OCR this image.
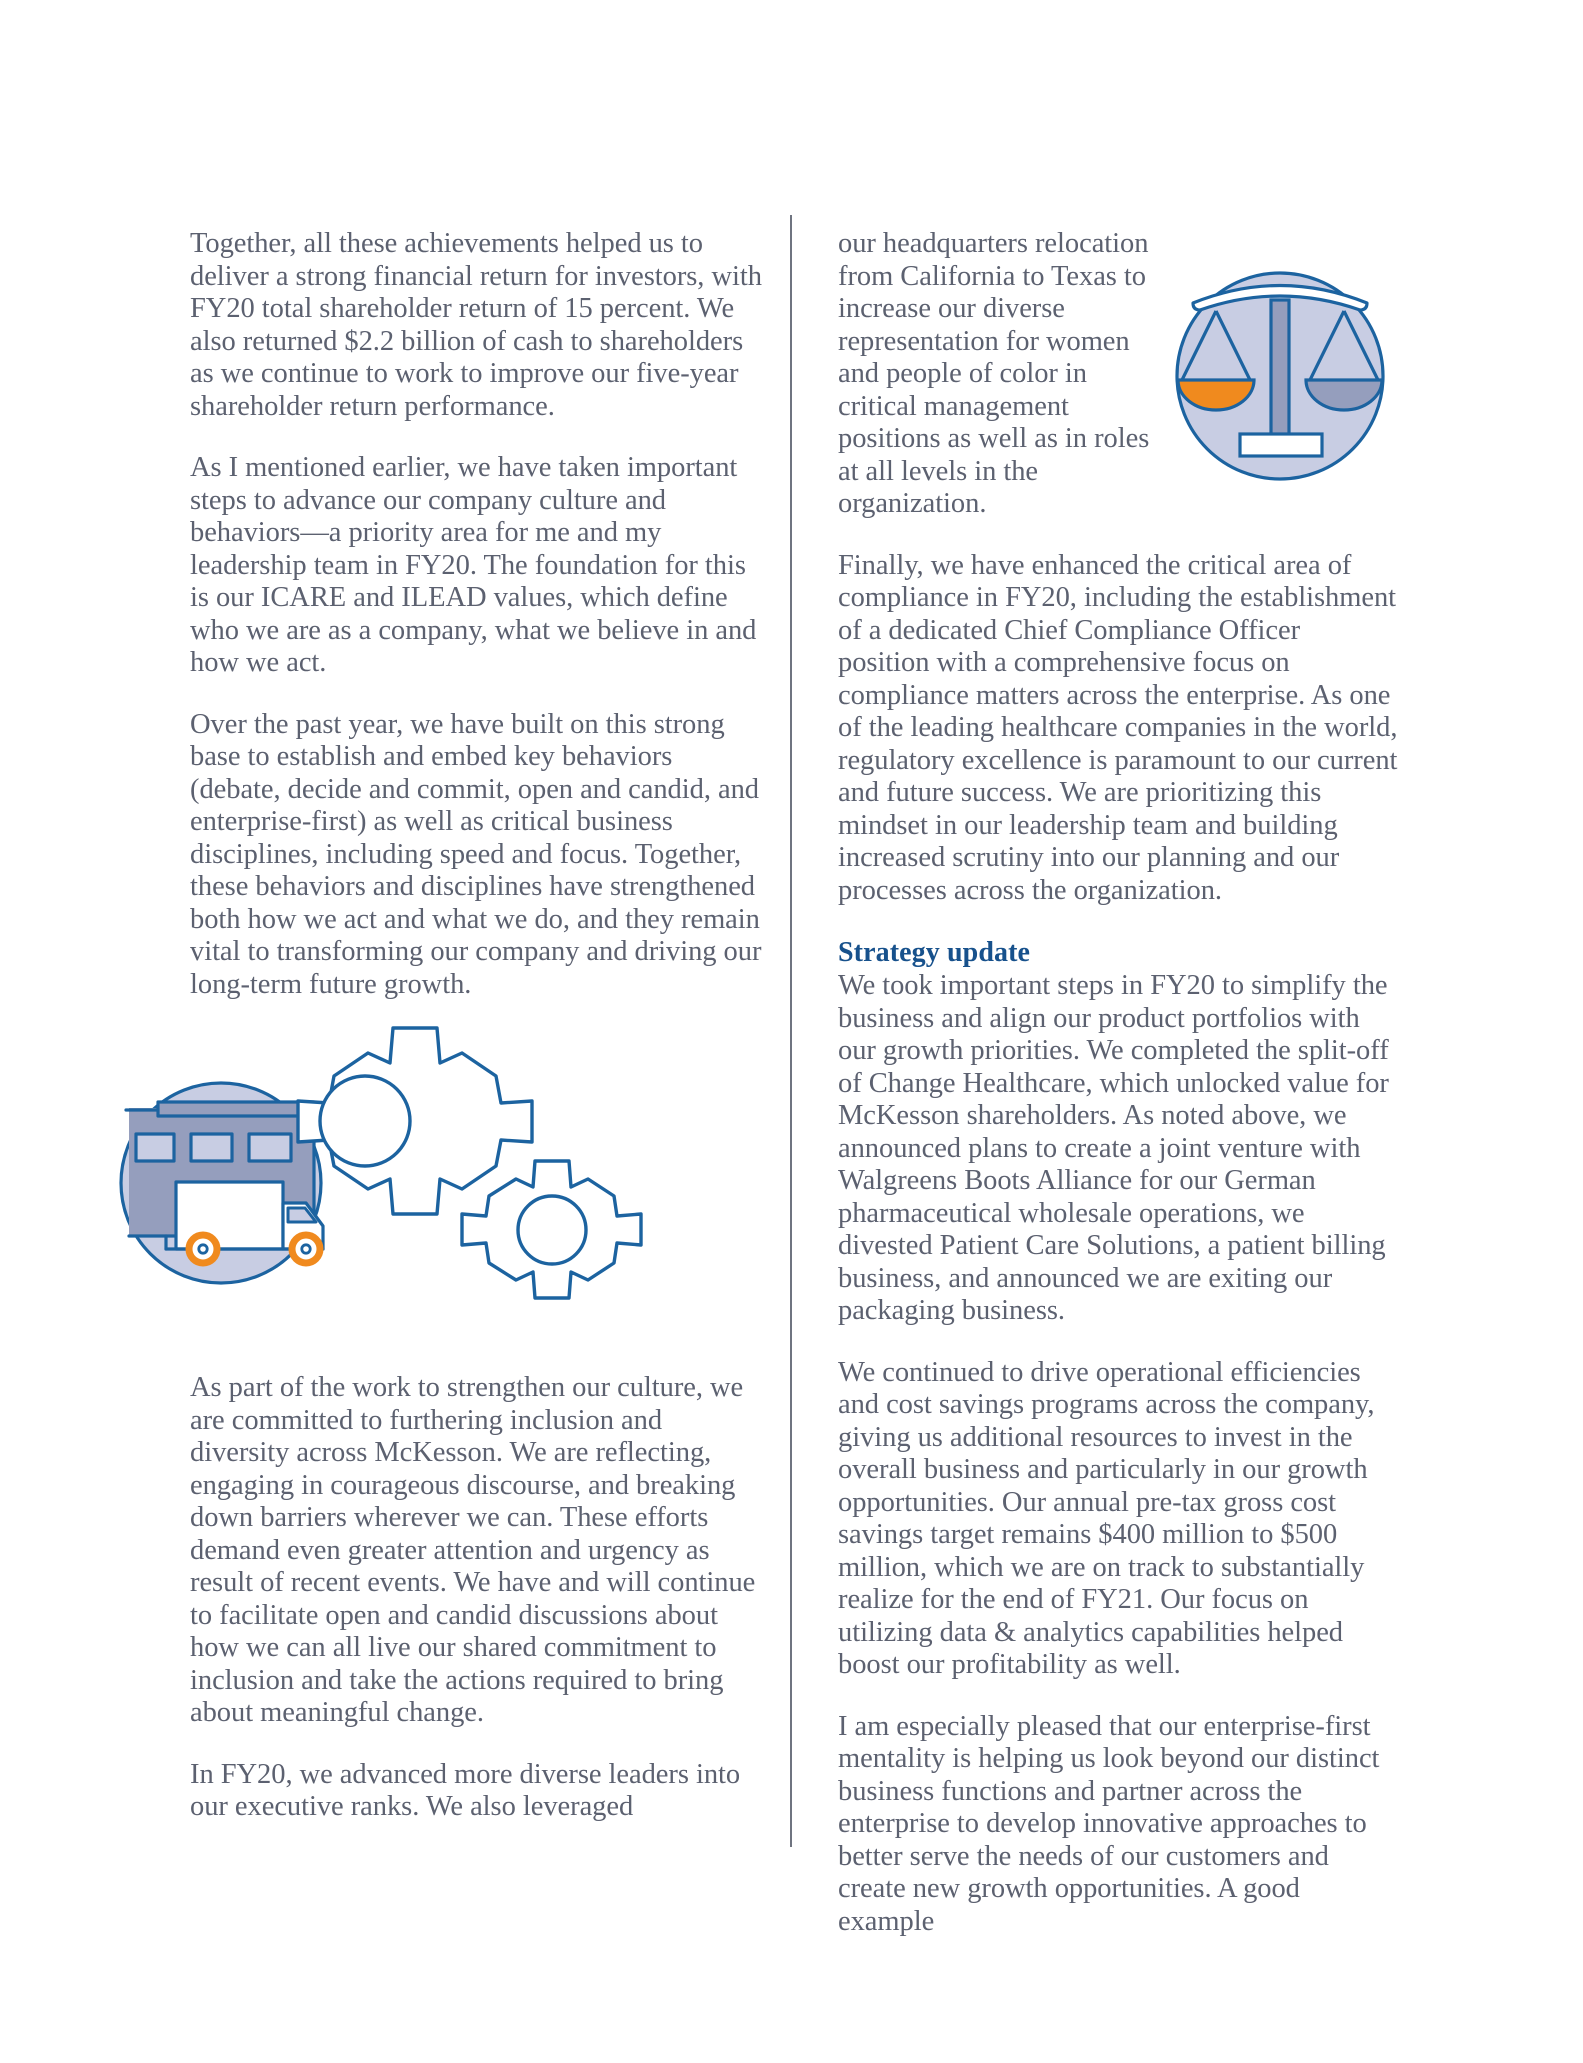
Together, all these achievements helped us to deliver a strong financial return for investors, with FY20 total shareholder return of 15 percent. We also returned $2.2 billion of cash to shareholders as we continue to work to improve our five-year shareholder return performance.

As I mentioned earlier, we have taken important steps to advance our company culture and behaviors—a priority area for me and my leadership team in FY20. The foundation for this is our ICARE and ILEAD values, which define who we are as a company, what we believe in and how we act.

Over the past year, we have built on this strong base to establish and embed key behaviors (debate, decide and commit, open and candid, and enterprise-first) as well as critical business disciplines, including speed and focus. Together, these behaviors and disciplines have strengthened both how we act and what we do, and they remain vital to transforming our company and driving our long-term future growth.

As part of the work to strengthen our culture, we are committed to furthering inclusion and diversity across McKesson. We are reflecting, engaging in courageous discourse, and breaking down barriers wherever we can. These efforts demand even greater attention and urgency as result of recent events. We have and will continue to facilitate open and candid discussions about how we can all live our shared commitment to inclusion and take the actions required to bring about meaningful change.

In FY20, we advanced more diverse leaders into our executive ranks. We also leveraged

our headquarters relocation from California to Texas to increase our diverse representation for women and people of color in critical management positions as well as in roles at all levels in the organization.

Finally, we have enhanced the critical area of compliance in FY20, including the establishment of a dedicated Chief Compliance Officer position with a comprehensive focus on compliance matters across the enterprise. As one of the leading healthcare companies in the world, regulatory excellence is paramount to our current and future success. We are prioritizing this mindset in our leadership team and building increased scrutiny into our planning and our processes across the organization.

Strategy update

We took important steps in FY20 to simplify the business and align our product portfolios with our growth priorities. We completed the split-off of Change Healthcare, which unlocked value for McKesson shareholders. As noted above, we announced plans to create a joint venture with Walgreens Boots Alliance for our German pharmaceutical wholesale operations, we divested Patient Care Solutions, a patient billing business, and announced we are exiting our packaging business.

We continued to drive operational efficiencies and cost savings programs across the company, giving us additional resources to invest in the overall business and particularly in our growth opportunities. Our annual pre-tax gross cost savings target remains $400 million to $500 million, which we are on track to substantially realize for the end of FY21. Our focus on utilizing data & analytics capabilities helped boost our profitability as well.

I am especially pleased that our enterprise-first mentality is helping us look beyond our distinct business functions and partner across the enterprise to develop innovative approaches to better serve the needs of our customers and create new growth opportunities. A good example
